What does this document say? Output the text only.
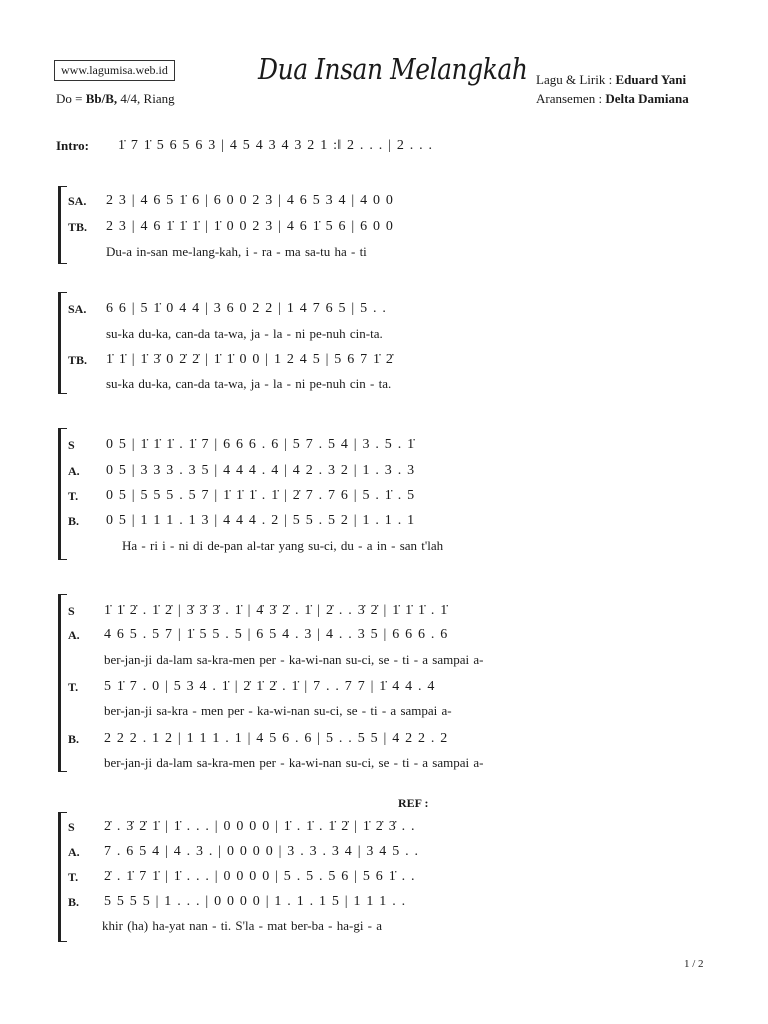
www.lagumisa.web.id	Dua Insan Melangkah Lagu & Lirik : Eduard Yani
Aransemen : Delta Damiana
Do = Bb/B, 4/4, Riang
Intro: 1̇ 7 1̇ 5 6 5 6 3 | 4 5 4 3 4 3 2 1 :‖ 2 . . . | 2 . . .
SA. 2 3 | 4 6 5 1̇ 6 | 6 0 0 2 3 | 4 6 5 3 4 | 4 0 0
TB. 2 3 | 4 6 1̇ 1̇ 1̇ | 1̇ 0 0 2 3 | 4 6 1̇ 5 6 | 6 0 0
Du-a in-san me-lang-kah, i - ra - ma sa-tu ha - ti
SA. 6 6 | 5 1̇ 0 4 4 | 3 6 0 2 2 | 1 4 7 6 5 | 5 . .
su-ka du-ka, can-da ta-wa, ja - la - ni pe-nuh cin-ta.
TB. 1̇ 1̇ | 1̇ 3̇ 0 2̇ 2̇ | 1̇ 1̇ 0 0 | 1 2 4 5 | 5 6 7 1̇ 2̇
su-ka du-ka, can-da ta-wa, ja - la - ni pe-nuh cin - ta.
S 0 5 | 1̇ 1̇ 1̇ . 1̇ 7 | 6 6 6 . 6 | 5 7 . 5 4 | 3 . 5 . 1̇
A. 0 5 | 3 3 3 . 3 5 | 4 4 4 . 4 | 4 2 . 3 2 | 1 . 3 . 3
T. 0 5 | 5 5 5 . 5 7 | 1̇ 1̇ 1̇ . 1̇ | 2̇ 7 . 7 6 | 5 . 1̇ . 5
B. 0 5 | 1 1 1 . 1 3 | 4 4 4 . 2 | 5 5 . 5 2 | 1 . 1 . 1
Ha - ri i - ni di de-pan al-tar yang su-ci, du - a in - san t'lah
S 1̇ 1̇ 2̇ . 1̇ 2̇ | 3̇ 3̇ 3̇ . 1̇ | 4̇ 3̇ 2̇ . 1̇ | 2̇ . . 3̇ 2̇ | 1̇ 1̇ 1̇ . 1̇
A. 4 6 5 . 5 7 | 1̇ 5 5 . 5 | 6 5 4 . 3 | 4 . . 3 5 | 6 6 6 . 6
ber-jan-ji da-lam sa-kra-men per - ka-wi-nan su-ci, se - ti - a sampai a-
T. 5 1̇ 7 . 0 | 5 3 4 . 1̇ | 2̇ 1̇ 2̇ . 1̇ | 7 . . 7 7 | 1̇ 4 4 . 4
ber-jan-ji sa-kra - men per - ka-wi-nan su-ci, se - ti - a sampai a-
B. 2 2 2 . 1 2 | 1 1 1 . 1 | 4 5 6 . 6 | 5 . . 5 5 | 4 2 2 . 2
ber-jan-ji da-lam sa-kra-men per - ka-wi-nan su-ci, se - ti - a sampai a-
REF :
S 2̇ . 3̇ 2̇ 1̇ | 1̇ . . . | 0 0 0 0 | 1̇ . 1̇ . 1̇ 2̇ | 1̇ 2̇ 3̇ . .
A. 7 . 6 5 4 | 4 . 3 . | 0 0 0 0 | 3 . 3 . 3 4 | 3 4 5 . .
T. 2̇ . 1̇ 7 1̇ | 1̇ . . . | 0 0 0 0 | 5 . 5 . 5 6 | 5 6 1̇ . .
B. 5 5 5 5 | 1 . . . | 0 0 0 0 | 1 . 1 . 1 5 | 1 1 1 . .
khir (ha) ha-yat nan - ti. S'la - mat ber-ba - ha-gi - a
1 / 2
